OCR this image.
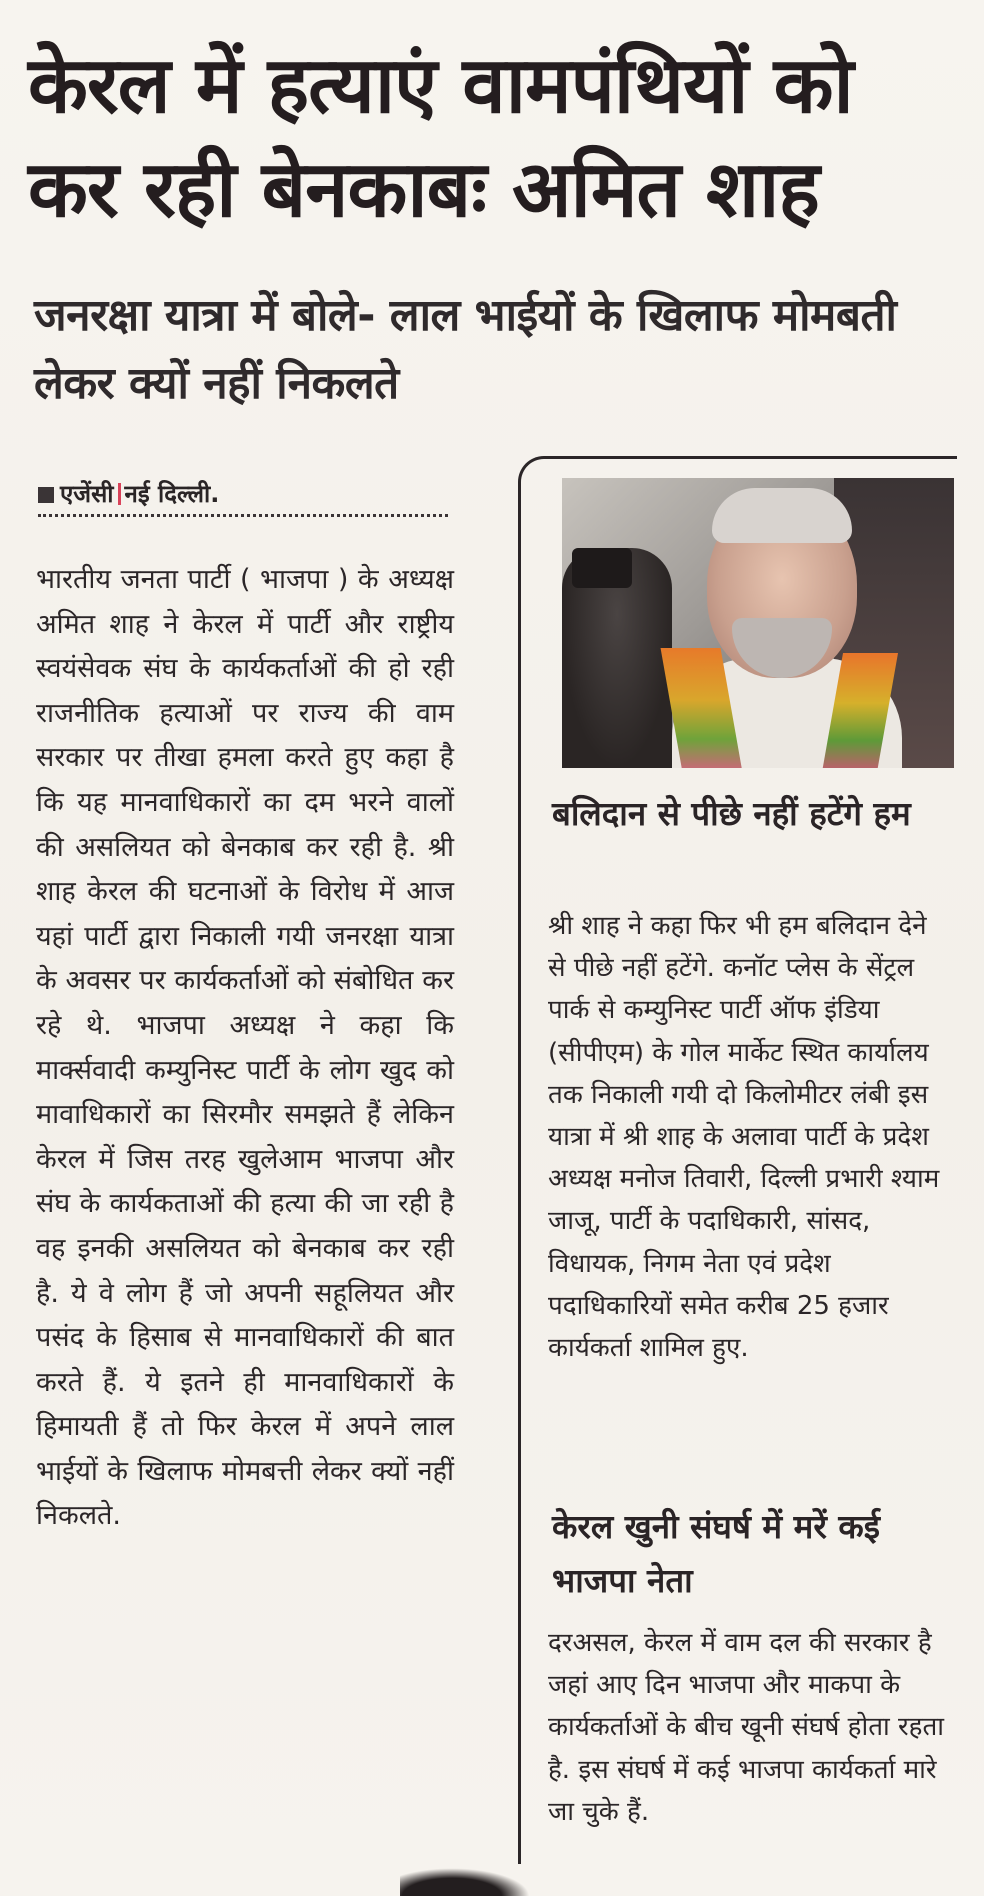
केरल में हत्याएं वामपंथियों को कर रही बेनकाबः अमित शाह
जनरक्षा यात्रा में बोले- लाल भाईयों के खिलाफ मोमबती लेकर क्यों नहीं निकलते
एजेंसी नई दिल्ली.

भारतीय जनता पार्टी ( भाजपा ) के अध्यक्ष अमित शाह ने केरल में पार्टी और राष्ट्रीय स्वयंसेवक संघ के कार्यकर्ताओं की हो रही राजनीतिक हत्याओं पर राज्य की वाम सरकार पर तीखा हमला करते हुए कहा है कि यह मानवाधिकारों का दम भरने वालों की असलियत को बेनकाब कर रही है. श्री शाह केरल की घटनाओं के विरोध में आज यहां पार्टी द्वारा निकाली गयी जनरक्षा यात्रा के अवसर पर कार्यकर्ताओं को संबोधित कर रहे थे. भाजपा अध्यक्ष ने कहा कि मार्क्सवादी कम्युनिस्ट पार्टी के लोग खुद को मावाधिकारों का सिरमौर समझते हैं लेकिन केरल में जिस तरह खुलेआम भाजपा और संघ के कार्यकताओं की हत्या की जा रही है वह इनकी असलियत को बेनकाब कर रही है. ये वे लोग हैं जो अपनी सहूलियत और पसंद के हिसाब से मानवाधिकारों की बात करते हैं. ये इतने ही मानवाधिकारों के हिमायती हैं तो फिर केरल में अपने लाल भाईयों के खिलाफ मोमबत्ती लेकर क्यों नहीं निकलते.

बलिदान से पीछे नहीं हटेंगे हम

श्री शाह ने कहा फिर भी हम बलिदान देने से पीछे नहीं हटेंगे. कनॉट प्लेस के सेंट्रल पार्क से कम्युनिस्ट पार्टी ऑफ इंडिया (सीपीएम) के गोल मार्केट स्थित कार्यालय तक निकाली गयी दो किलोमीटर लंबी इस यात्रा में श्री शाह के अलावा पार्टी के प्रदेश अध्यक्ष मनोज तिवारी, दिल्ली प्रभारी श्याम जाजू, पार्टी के पदाधिकारी, सांसद, विधायक, निगम नेता एवं प्रदेश पदाधिकारियों समेत करीब 25 हजार कार्यकर्ता शामिल हुए.

केरल खुनी संघर्ष में मरें कई भाजपा नेता

दरअसल, केरल में वाम दल की सरकार है जहां आए दिन भाजपा और माकपा के कार्यकर्ताओं के बीच खूनी संघर्ष होता रहता है. इस संघर्ष में कई भाजपा कार्यकर्ता मारे जा चुके हैं.
